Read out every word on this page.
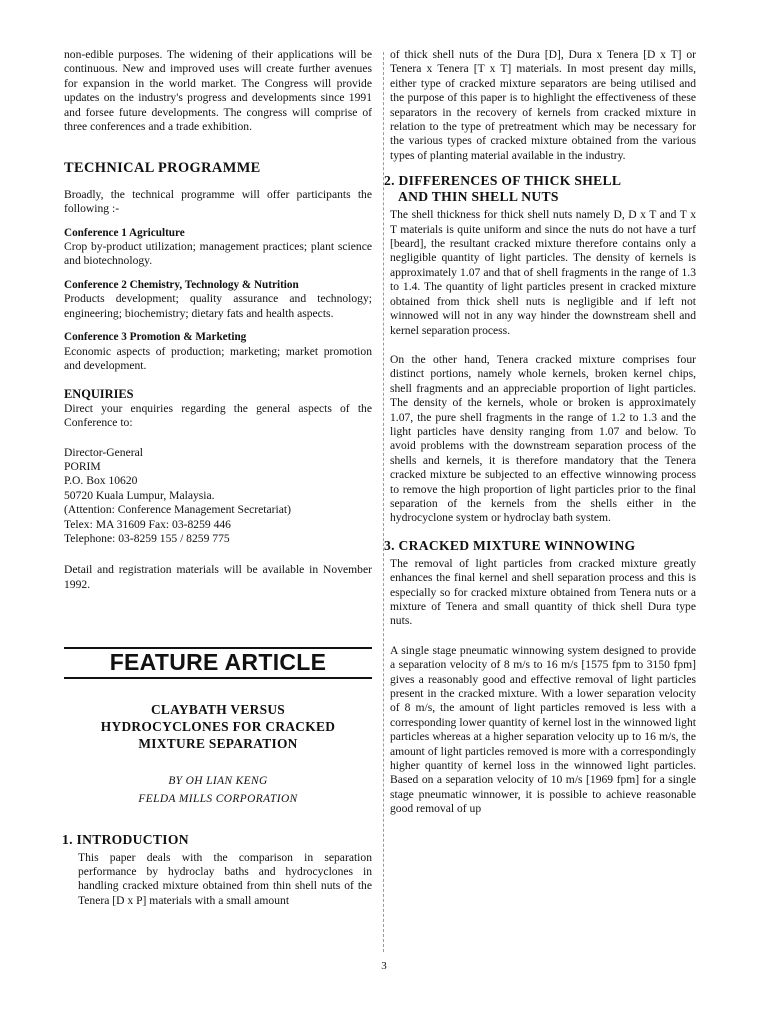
non-edible purposes. The widening of their applications will be continuous. New and improved uses will create further avenues for expansion in the world market. The Congress will provide updates on the industry's progress and developments since 1991 and forsee future developments. The congress will comprise of three conferences and a trade exhibition.

TECHNICAL PROGRAMME

Broadly, the technical programme will offer participants the following :-

Conference 1 Agriculture

Crop by-product utilization; management practices; plant science and biotechnology.

Conference 2 Chemistry, Technology & Nutrition

Products development; quality assurance and technology; engineering; biochemistry; dietary fats and health aspects.

Conference 3 Promotion & Marketing

Economic aspects of production; marketing; market promotion and development.

ENQUIRIES

Direct your enquiries regarding the general aspects of the Conference to:

Director-General
PORIM
P.O. Box 10620
50720 Kuala Lumpur, Malaysia.
(Attention: Conference Management Secretariat)
Telex: MA 31609 Fax: 03-8259 446
Telephone: 03-8259 155 / 8259 775

Detail and registration materials will be available in November 1992.

FEATURE ARTICLE
CLAYBATH VERSUS
HYDROCYCLONES FOR CRACKED
MIXTURE SEPARATION
BY OH LIAN KENG
FELDA MILLS CORPORATION
1. INTRODUCTION

This paper deals with the comparison in separation performance by hydroclay baths and hydrocyclones in handling cracked mixture obtained from thin shell nuts of the Tenera [D x P] materials with a small amount

of thick shell nuts of the Dura [D], Dura x Tenera [D x T] or Tenera x Tenera [T x T] materials. In most present day mills, either type of cracked mixture separators are being utilised and the purpose of this paper is to highlight the effectiveness of these separators in the recovery of kernels from cracked mixture in relation to the type of pretreatment which may be necessary for the various types of cracked mixture obtained from the various types of planting material available in the industry.

2. DIFFERENCES OF THICK SHELL
AND THIN SHELL NUTS

The shell thickness for thick shell nuts namely D, D x T and T x T materials is quite uniform and since the nuts do not have a turf [beard], the resultant cracked mixture therefore contains only a negligible quantity of light particles. The density of kernels is approximately 1.07 and that of shell fragments in the range of 1.3 to 1.4. The quantity of light particles present in cracked mixture obtained from thick shell nuts is negligible and if left not winnowed will not in any way hinder the downstream shell and kernel separation process.

On the other hand, Tenera cracked mixture comprises four distinct portions, namely whole kernels, broken kernel chips, shell fragments and an appreciable proportion of light particles. The density of the kernels, whole or broken is approximately 1.07, the pure shell fragments in the range of 1.2 to 1.3 and the light particles have density ranging from 1.07 and below. To avoid problems with the downstream separation process of the shells and kernels, it is therefore mandatory that the Tenera cracked mixture be subjected to an effective winnowing process to remove the high proportion of light particles prior to the final separation of the kernels from the shells either in the hydrocyclone system or hydroclay bath system.

3. CRACKED MIXTURE WINNOWING

The removal of light particles from cracked mixture greatly enhances the final kernel and shell separation process and this is especially so for cracked mixture obtained from Tenera nuts or a mixture of Tenera and small quantity of thick shell Dura type nuts.

A single stage pneumatic winnowing system designed to provide a separation velocity of 8 m/s to 16 m/s [1575 fpm to 3150 fpm] gives a reasonably good and effective removal of light particles present in the cracked mixture. With a lower separation velocity of 8 m/s, the amount of light particles removed is less with a corresponding lower quantity of kernel lost in the winnowed light particles whereas at a higher separation velocity up to 16 m/s, the amount of light particles removed is more with a correspondingly higher quantity of kernel loss in the winnowed light particles. Based on a separation velocity of 10 m/s [1969 fpm] for a single stage pneumatic winnower, it is possible to achieve reasonable good removal of up

3
